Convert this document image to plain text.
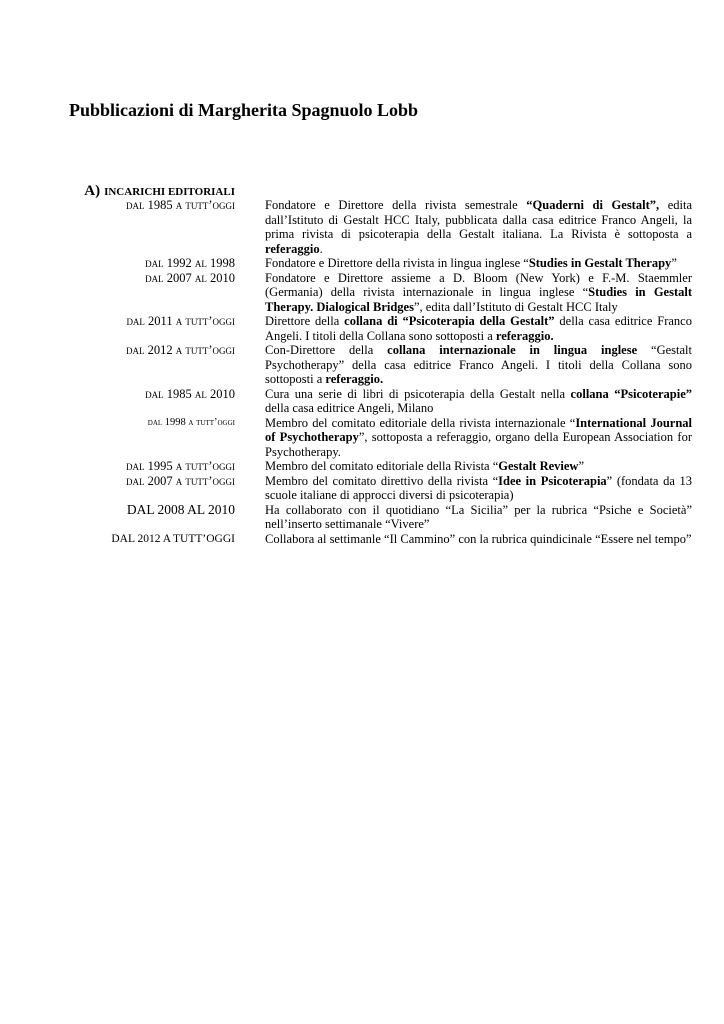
Pubblicazioni di Margherita Spagnuolo Lobb
A) INCARICHI EDITORIALI
dal 1985 a tutt’oggi Fondatore e Direttore della rivista semestrale “Quaderni di Gestalt”, edita dall’Istituto di Gestalt HCC Italy, pubblicata dalla casa editrice Franco Angeli, la prima rivista di psicoterapia della Gestalt italiana. La Rivista è sottoposta a referaggio.
dal 1992 al 1998 Fondatore e Direttore della rivista in lingua inglese “Studies in Gestalt Therapy”
dal 2007 al 2010 Fondatore e Direttore assieme a D. Bloom (New York) e F.-M. Staemmler (Germania) della rivista internazionale in lingua inglese “Studies in Gestalt Therapy. Dialogical Bridges”, edita dall’Istituto di Gestalt HCC Italy
dal 2011 a tutt’oggi Direttore della collana di “Psicoterapia della Gestalt” della casa editrice Franco Angeli. I titoli della Collana sono sottoposti a referaggio.
dal 2012 a tutt’oggi Con-Direttore della collana internazionale in lingua inglese “Gestalt Psychotherapy” della casa editrice Franco Angeli. I titoli della Collana sono sottoposti a referaggio.
dal 1985 al 2010 Cura una serie di libri di psicoterapia della Gestalt nella collana “Psicoterapie” della casa editrice Angeli, Milano
dal 1998 a tutt’oggi Membro del comitato editoriale della rivista internazionale “International Journal of Psychotherapy”, sottoposta a referaggio, organo della European Association for Psychotherapy.
dal 1995 a tutt’oggi Membro del comitato editoriale della Rivista “Gestalt Review”
dal 2007 a tutt’oggi Membro del comitato direttivo della rivista “Idee in Psicoterapia” (fondata da 13 scuole italiane di approcci diversi di psicoterapia)
DAL 2008 AL 2010 Ha collaborato con il quotidiano “La Sicilia” per la rubrica “Psiche e Società” nell’inserto settimanale “Vivere”
DAL 2012 A TUTT’OGGI Collabora al settimanle “Il Cammino” con la rubrica quindicinale “Essere nel tempo”
